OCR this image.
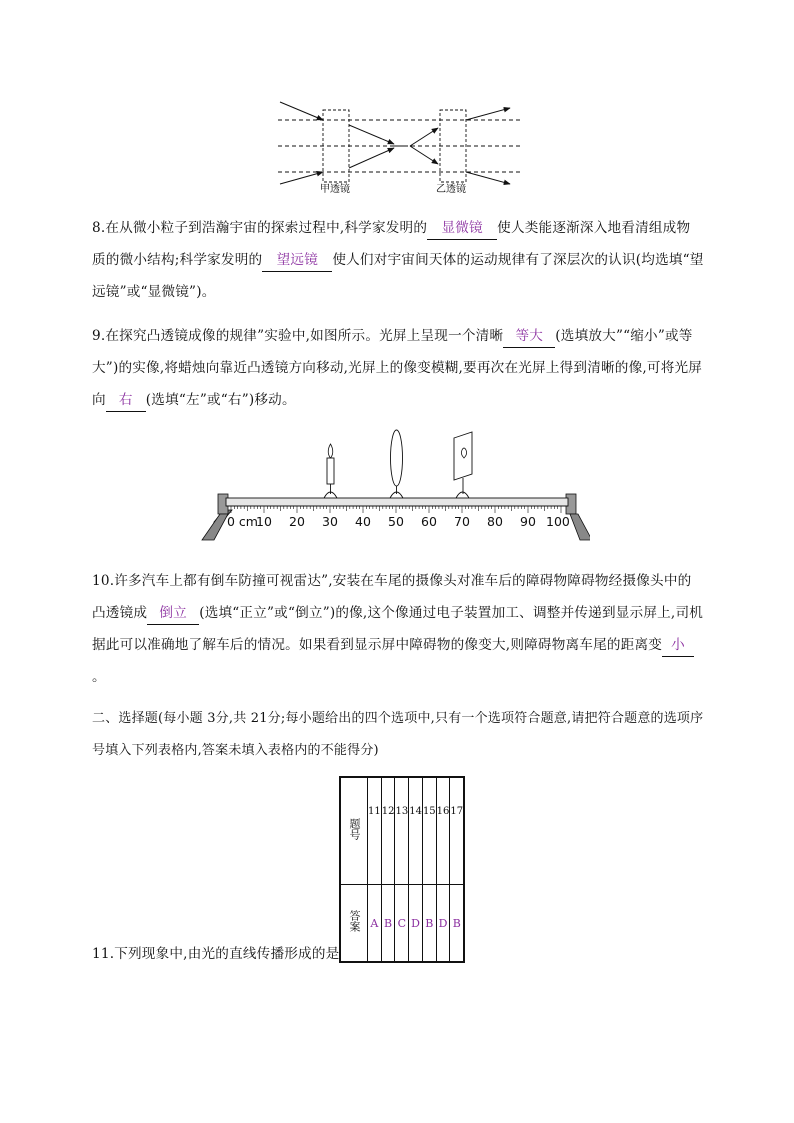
甲透镜	乙透镜
8.在从微小粒子到浩瀚宇宙的探索过程中,科学家发明的 显微镜 使人类能逐渐深入地看清组成物质的微小结构;科学家发明的 望远镜 使人们对宇宙间天体的运动规律有了深层次的认识(均选填“望远镜”或“显微镜”)。
9.在探究凸透镜成像的规律”实验中,如图所示。光屏上呈现一个清晰 等大 (选填放大”“缩小”或等大”)的实像,将蜡烛向靠近凸透镜方向移动,光屏上的像变模糊,要再次在光屏上得到清晰的像,可将光屏向 右 (选填“左”或“右”)移动。
0 cm
10 20 30 40 50 60 70 80 90 100
10.许多汽车上都有倒车防撞可视雷达”,安装在车尾的摄像头对准车后的障碍物障碍物经摄像头中的凸透镜成 倒立 (选填“正立”或“倒立”)的像,这个像通过电子装置加工、调整并传递到显示屏上,司机据此可以准确地了解车后的情况。如果看到显示屏中障碍物的像变大,则障碍物离车尾的距离变 小。
二、选择题(每小题 3分,共 21分;每小题给出的四个选项中,只有一个选项符合题意,请把符合题意的选项序号填入下列表格内,答案未填入表格内的不能得分)
题号	11	12	13	14	15	16	17

答案	A	B	C	D	B	D	B
11.下列现象中,由光的直线传播形成的是
